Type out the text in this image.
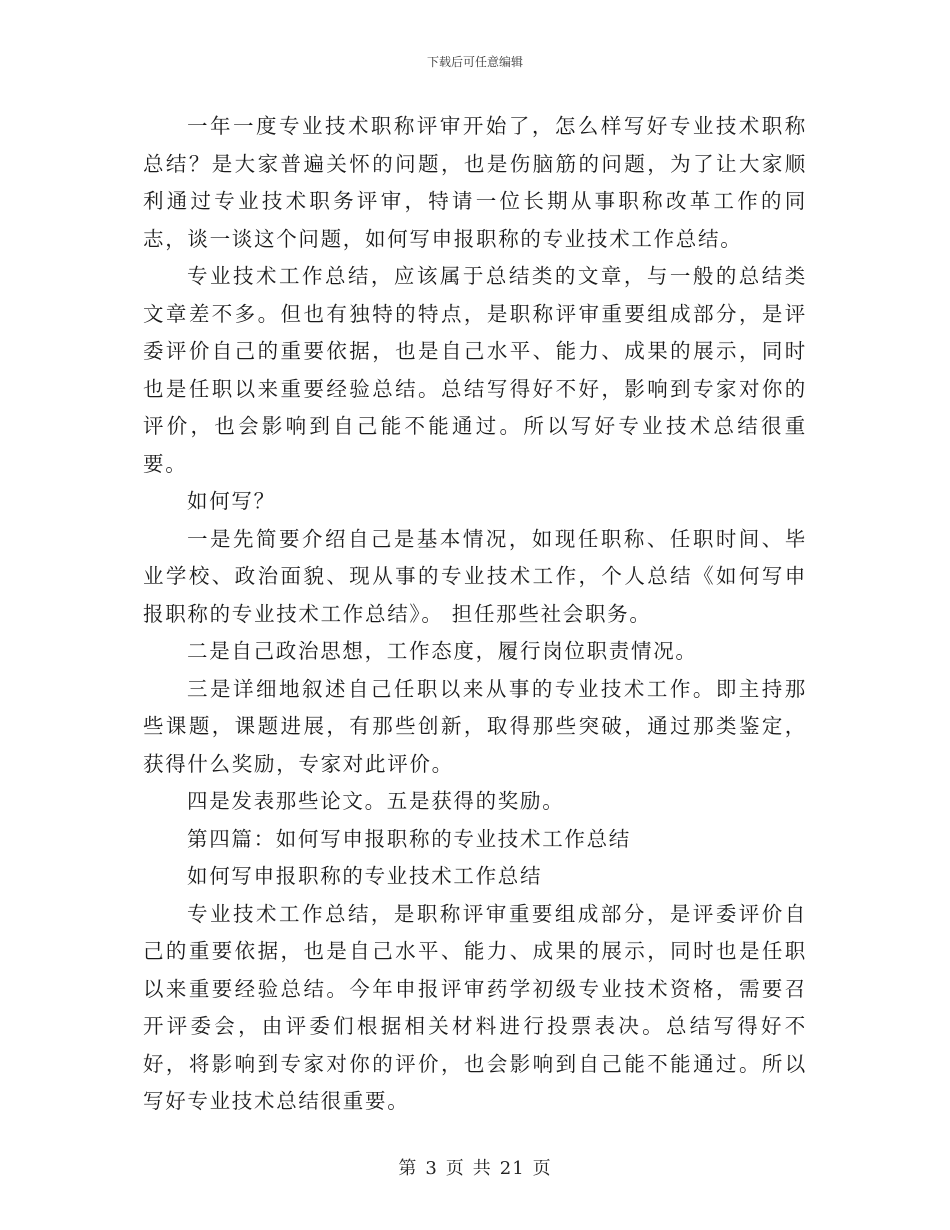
下载后可任意编辑

一年一度专业技术职称评审开始了，怎么样写好专业技术职称总结？是大家普遍关怀的问题，也是伤脑筋的问题，为了让大家顺利通过专业技术职务评审，特请一位长期从事职称改革工作的同志，谈一谈这个问题，如何写申报职称的专业技术工作总结。

专业技术工作总结，应该属于总结类的文章，与一般的总结类文章差不多。但也有独特的特点，是职称评审重要组成部分，是评委评价自己的重要依据，也是自己水平、能力、成果的展示，同时也是任职以来重要经验总结。总结写得好不好，影响到专家对你的评价，也会影响到自己能不能通过。所以写好专业技术总结很重要。

如何写？

一是先简要介绍自己是基本情况，如现任职称、任职时间、毕业学校、政治面貌、现从事的专业技术工作，个人总结《如何写申报职称的专业技术工作总结》。 担任那些社会职务。

二是自己政治思想，工作态度，履行岗位职责情况。

三是详细地叙述自己任职以来从事的专业技术工作。即主持那些课题，课题进展，有那些创新，取得那些突破，通过那类鉴定，获得什么奖励，专家对此评价。

四是发表那些论文。五是获得的奖励。

第四篇：如何写申报职称的专业技术工作总结

如何写申报职称的专业技术工作总结

专业技术工作总结，是职称评审重要组成部分，是评委评价自己的重要依据，也是自己水平、能力、成果的展示，同时也是任职以来重要经验总结。今年申报评审药学初级专业技术资格，需要召开评委会，由评委们根据相关材料进行投票表决。总结写得好不好，将影响到专家对你的评价，也会影响到自己能不能通过。所以写好专业技术总结很重要。

第 3 页 共 21 页
